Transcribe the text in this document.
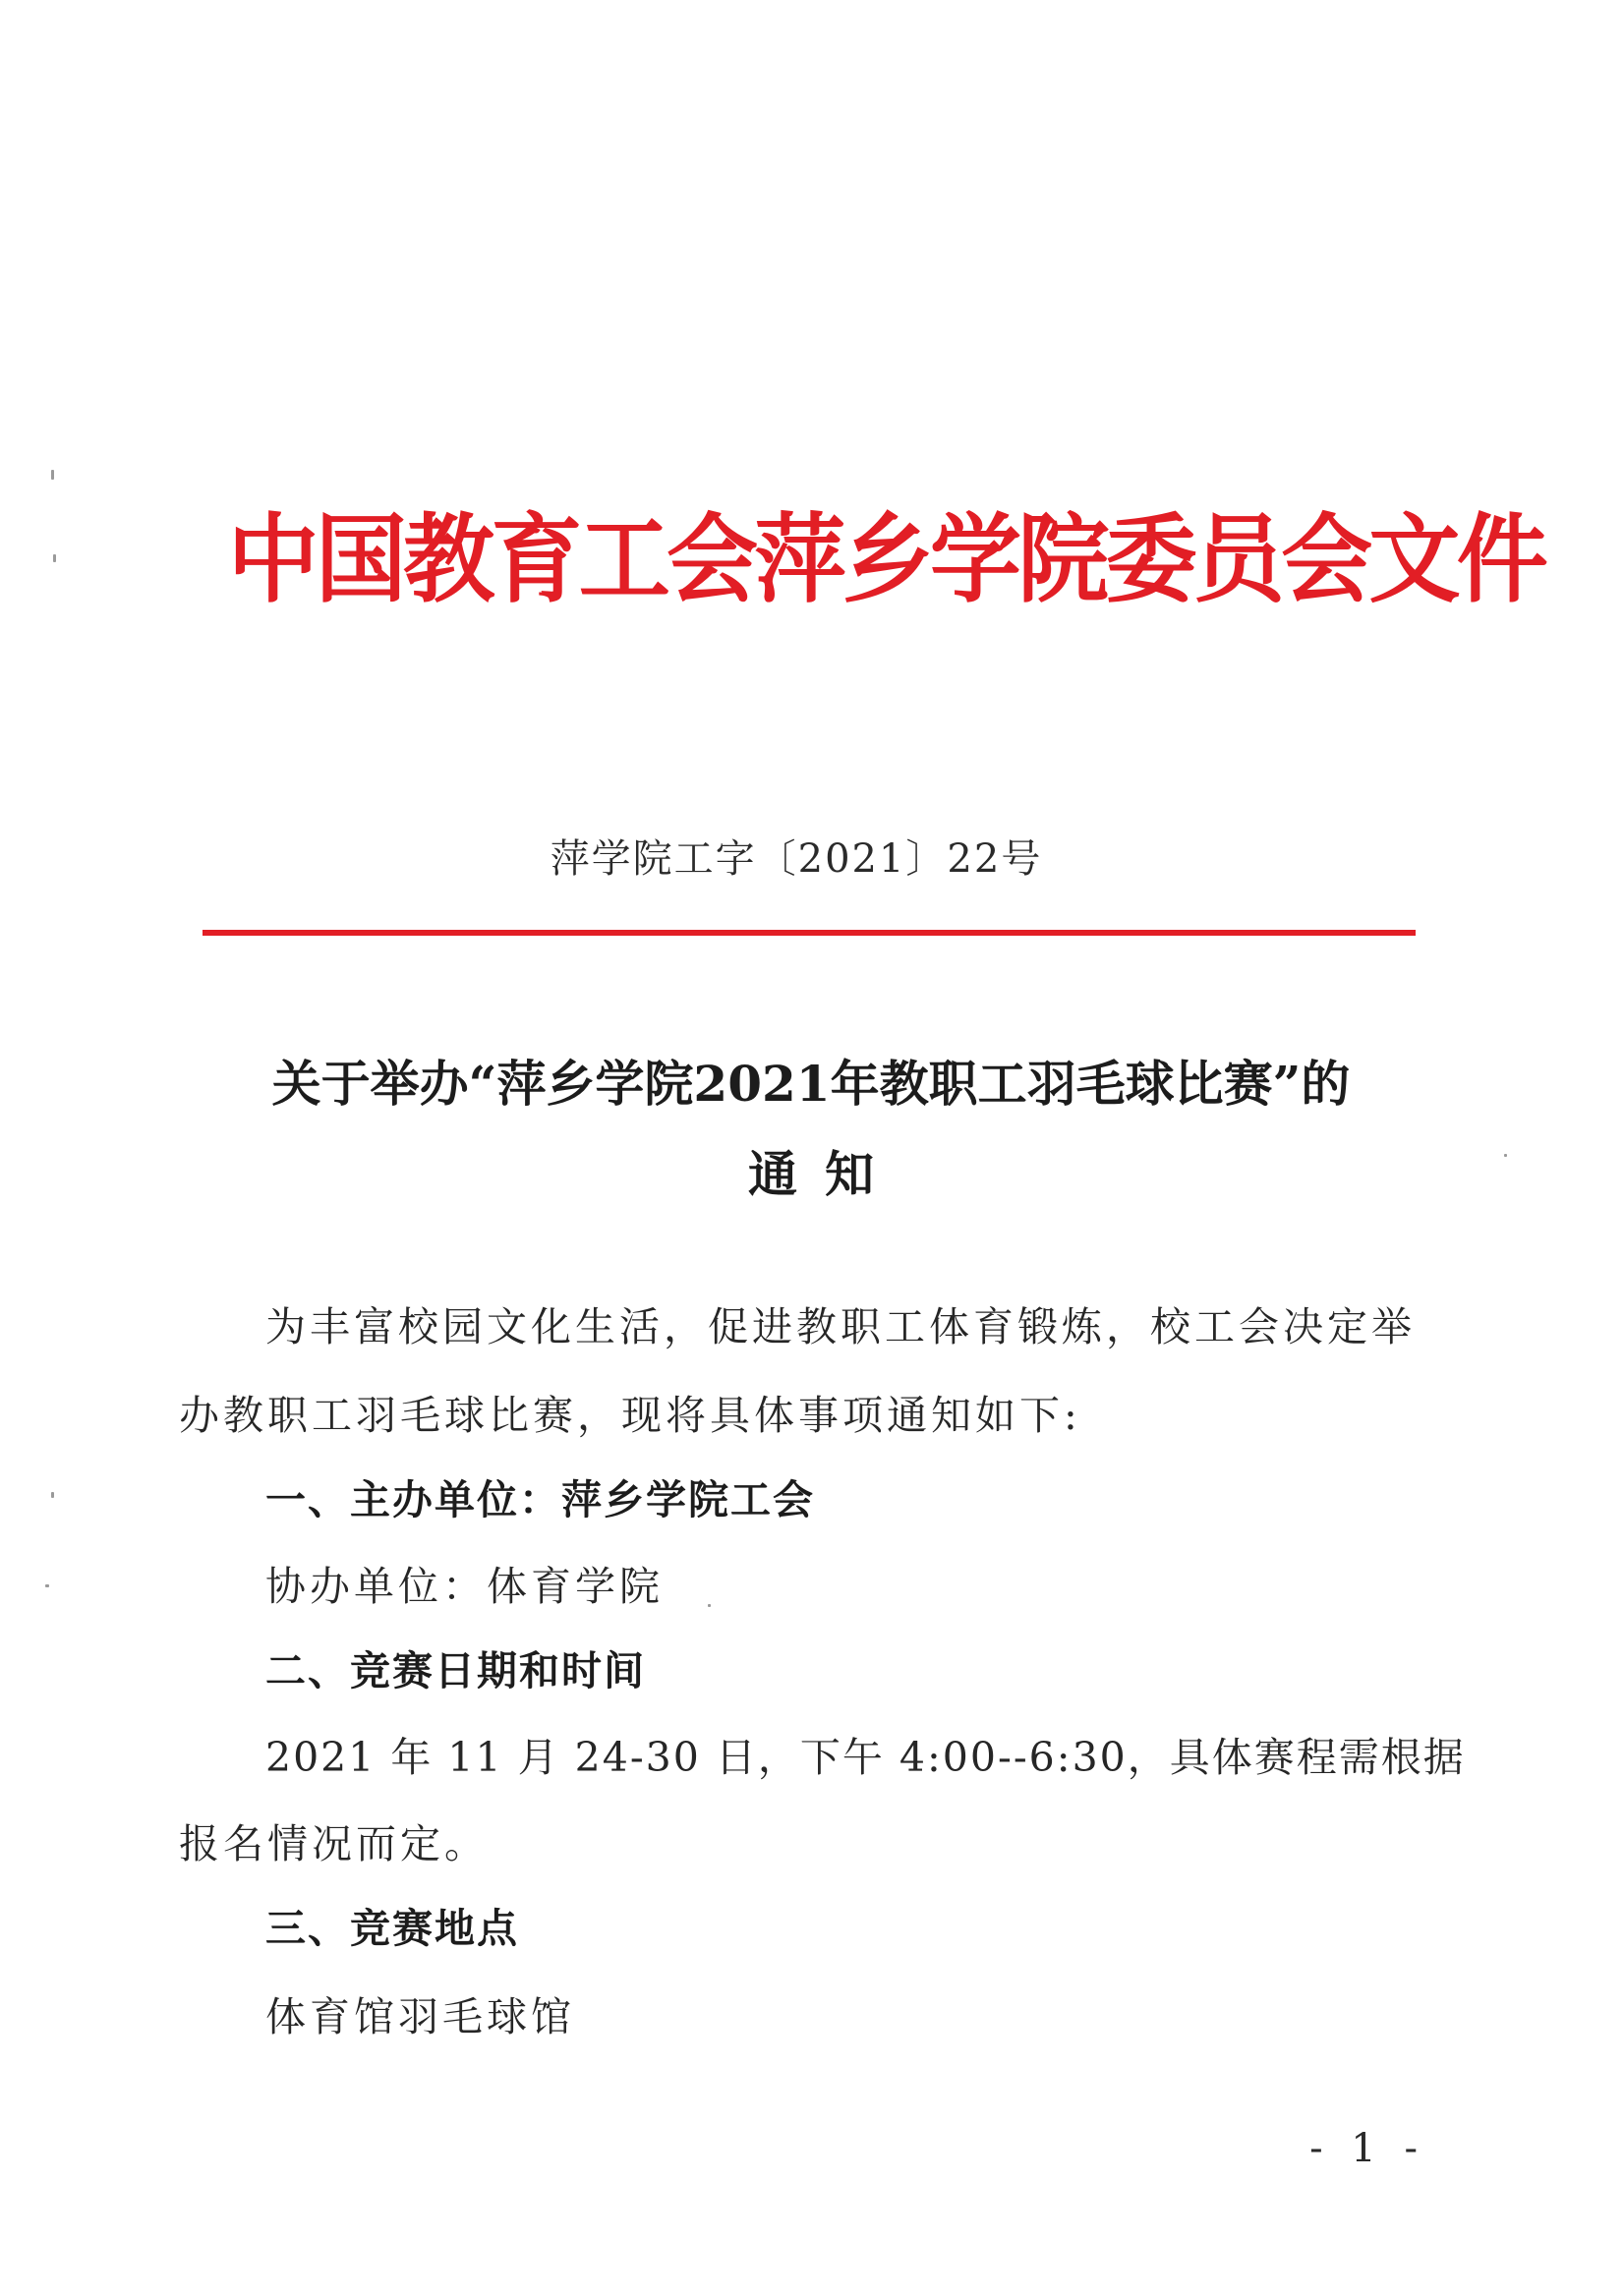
中国教育工会萍乡学院委员会文件
萍学院工字〔2021〕22号
关于举办“萍乡学院2021年教职工羽毛球比赛”的
通知
为丰富校园文化生活，促进教职工体育锻炼，校工会决定举
办教职工羽毛球比赛，现将具体事项通知如下:
一、主办单位：萍乡学院工会
协办单位：体育学院
二、竞赛日期和时间
2021 年 11 月 24-30 日，下午 4:00--6:30，具体赛程需根据
报名情况而定。
三、竞赛地点
体育馆羽毛球馆
- 1 -
